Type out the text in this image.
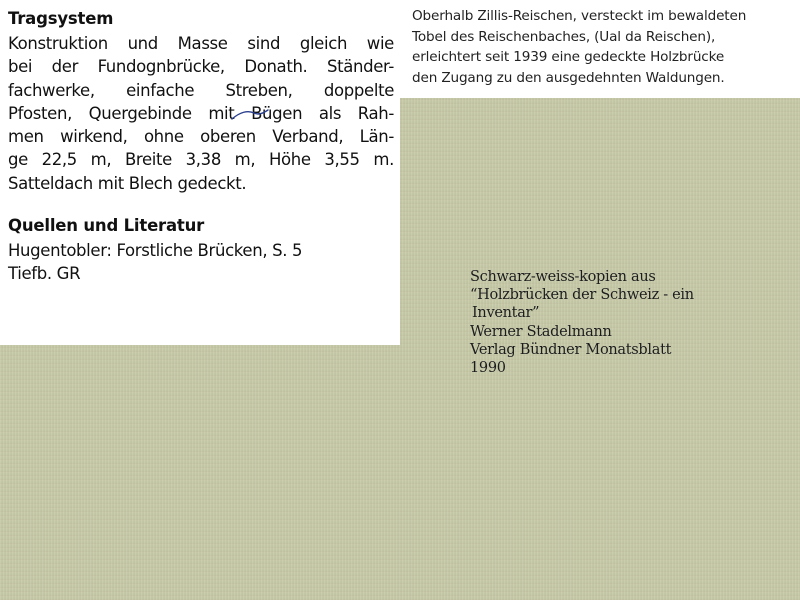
Tragsystem

Konstruktion und Masse sind gleich wie
bei der Fundognbrücke, Donath. Ständer-
fachwerke, einfache Streben, doppelte
Pfosten, Quergebinde mit Bügen als Rah-
men wirkend, ohne oberen Verband, Län-
ge 22,5 m, Breite 3,38 m, Höhe 3,55 m.
Satteldach mit Blech gedeckt.

Quellen und Literatur

Hugentobler: Forstliche Brücken, S. 5
Tiefb. GR

Oberhalb Zillis-Reischen, versteckt im bewaldeten
Tobel des Reischenbaches, (Ual da Reischen),
erleichtert seit 1939 eine gedeckte Holzbrücke
den Zugang zu den ausgedehnten Waldungen.
Schwarz-weiss-kopien aus
“Holzbrücken der Schweiz - ein
Inventar”
Werner Stadelmann
Verlag Bündner Monatsblatt
1990
